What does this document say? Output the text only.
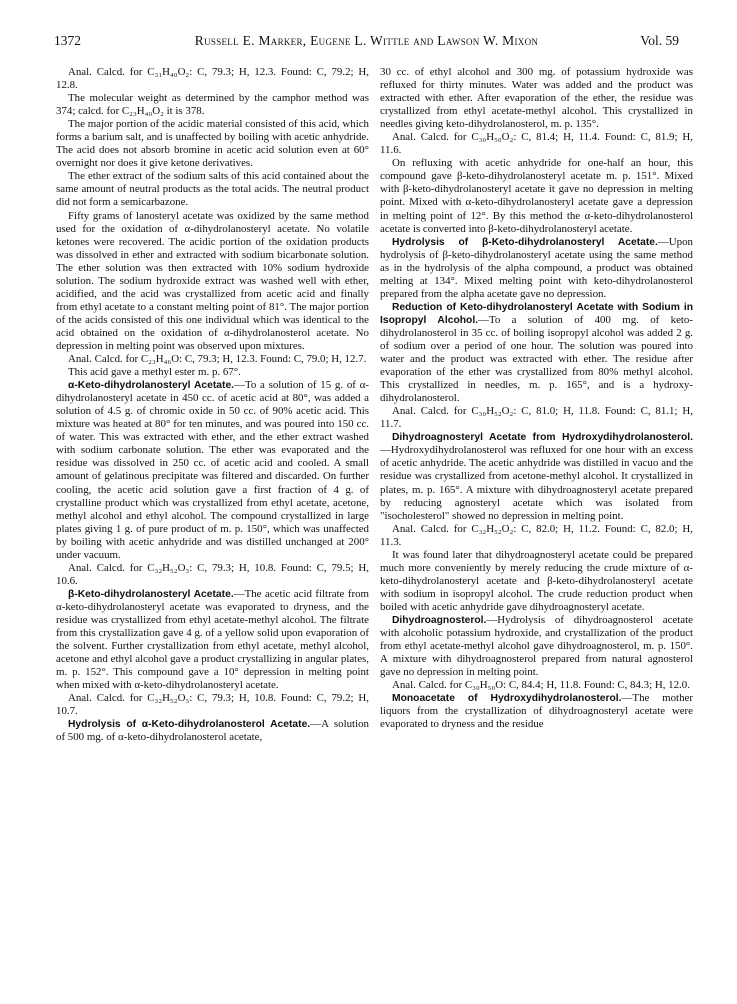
1372	Russell E. Marker, Eugene L. Wittle and Lawson W. Mixon	Vol. 59

Anal. Calcd. for C₃₁H₄₀O₂: C, 79.3; H, 12.3. Found: C, 79.2; H, 12.8.

The molecular weight as determined by the camphor method was 374; calcd. for C₂₃H₄₀O₂ it is 378.

The major portion of the acidic material consisted of this acid, which forms a barium salt, and is unaffected by boiling with acetic anhydride. The acid does not absorb bromine in acetic acid solution even at 60° overnight nor does it give ketone derivatives.

The ether extract of the sodium salts of this acid contained about the same amount of neutral products as the total acids. The neutral product did not form a semicarbazone.

Fifty grams of lanosteryl acetate was oxidized by the same method used for the oxidation of α-dihydrolanosteryl acetate. No volatile ketones were recovered. The acidic portion of the oxidation products was dissolved in ether and extracted with sodium bicarbonate solution. The ether solution was then extracted with 10% sodium hydroxide solution. The sodium hydroxide extract was washed well with ether, acidified, and the acid was crystallized from acetic acid and finally from ethyl acetate to a constant melting point of 81°. The major portion of the acids consisted of this one individual which was identical to the acid obtained on the oxidation of α-dihydrolanosterol acetate. No depression in melting point was observed upon mixtures.

Anal. Calcd. for C₂₃H₄₆O: C, 79.3; H, 12.3. Found: C, 79.0; H, 12.7.

This acid gave a methyl ester m. p. 67°.

α-Keto-dihydrolanosteryl Acetate.—To a solution of 15 g. of α-dihydrolanosteryl acetate in 450 cc. of acetic acid at 80°, was added a solution of 4.5 g. of chromic oxide in 50 cc. of 90% acetic acid. This mixture was heated at 80° for ten minutes, and was poured into 150 cc. of water. This was extracted with ether, and the ether extract washed with sodium carbonate solution. The ether was evaporated and the residue was dissolved in 250 cc. of acetic acid and cooled. A small amount of gelatinous precipitate was filtered and discarded. On further cooling, the acetic acid solution gave a first fraction of 4 g. of crystalline product which was crystallized from ethyl acetate, acetone, methyl alcohol and ethyl alcohol. The compound crystallized in large plates giving 1 g. of pure product of m. p. 150°, which was unaffected by boiling with acetic anhydride and was distilled unchanged at 200° under vacuum.

Anal. Calcd. for C₃₂H₅₂O₃: C, 79.3; H, 10.8. Found: C, 79.5; H, 10.6.

β-Keto-dihydrolanosteryl Acetate.—The acetic acid filtrate from α-keto-dihydrolanosteryl acetate was evaporated to dryness, and the residue was crystallized from ethyl acetate-methyl alcohol. The filtrate from this crystallization gave 4 g. of a yellow solid upon evaporation of the solvent. Further crystallization from ethyl acetate, methyl alcohol, acetone and ethyl alcohol gave a product crystallizing in angular plates, m. p. 152°. This compound gave a 10° depression in melting point when mixed with α-keto-dihydrolanosteryl acetate.

Anal. Calcd. for C₃₂H₅₂O₃: C, 79.3; H, 10.8. Found: C, 79.2; H, 10.7.

Hydrolysis of α-Keto-dihydrolanosterol Acetate.—A solution of 500 mg. of α-keto-dihydrolanosterol acetate,

30 cc. of ethyl alcohol and 300 mg. of potassium hydroxide was refluxed for thirty minutes. Water was added and the product was extracted with ether. After evaporation of the ether, the residue was crystallized from ethyl acetate-methyl alcohol. This crystallized in needles giving keto-dihydrolanosterol, m. p. 135°.

Anal. Calcd. for C₃₀H₅₀O₂: C, 81.4; H, 11.4. Found: C, 81.9; H, 11.6.

On refluxing with acetic anhydride for one-half an hour, this compound gave β-keto-dihydrolanosteryl acetate m. p. 151°. Mixed with β-keto-dihydrolanosteryl acetate it gave no depression in melting point. Mixed with α-keto-dihydrolanosteryl acetate gave a depression in melting point of 12°. By this method the α-keto-dihydrolanosterol acetate is converted into β-keto-dihydrolanosteryl acetate.

Hydrolysis of β-Keto-dihydrolanosteryl Acetate.—Upon hydrolysis of β-keto-dihydrolanosteryl acetate using the same method as in the hydrolysis of the alpha compound, a product was obtained melting at 134°. Mixed melting point with keto-dihydrolanosterol prepared from the alpha acetate gave no depression.

Reduction of Keto-dihydrolanosteryl Acetate with Sodium in Isopropyl Alcohol.—To a solution of 400 mg. of keto-dihydrolanosterol in 35 cc. of boiling isopropyl alcohol was added 2 g. of sodium over a period of one hour. The solution was poured into water and the product was extracted with ether. The residue after evaporation of the ether was crystallized from 80% methyl alcohol. This crystallized in needles, m. p. 165°, and is a hydroxy-dihydrolanosterol.

Anal. Calcd. for C₃₀H₅₂O₂: C, 81.0; H, 11.8. Found: C, 81.1; H, 11.7.

Dihydroagnosteryl Acetate from Hydroxydihydrolanosterol.—Hydroxydihydrolanosterol was refluxed for one hour with an excess of acetic anhydride. The acetic anhydride was distilled in vacuo and the residue was crystallized from acetone-methyl alcohol. It crystallized in plates, m. p. 165°. A mixture with dihydroagnosteryl acetate prepared by reducing agnosteryl acetate which was isolated from "isocholesterol" showed no depression in melting point.

Anal. Calcd. for C₃₂H₅₂O₂: C, 82.0; H, 11.2. Found: C, 82.0; H, 11.3.

It was found later that dihydroagnosteryl acetate could be prepared much more conveniently by merely reducing the crude mixture of α-keto-dihydrolanosteryl acetate and β-keto-dihydrolanosteryl acetate with sodium in isopropyl alcohol. The crude reduction product when boiled with acetic anhydride gave dihydroagnosteryl acetate.

Dihydroagnosterol.—Hydrolysis of dihydroagnosterol acetate with alcoholic potassium hydroxide, and crystallization of the product from ethyl acetate-methyl alcohol gave dihydroagnosterol, m. p. 150°. A mixture with dihydroagnosterol prepared from natural agnosterol gave no depression in melting point.

Anal. Calcd. for C₃₀H₅₀O: C, 84.4; H, 11.8. Found: C, 84.3; H, 12.0.

Monoacetate of Hydroxydihydrolanosterol.—The mother liquors from the crystallization of dihydroagnosteryl acetate were evaporated to dryness and the residue
